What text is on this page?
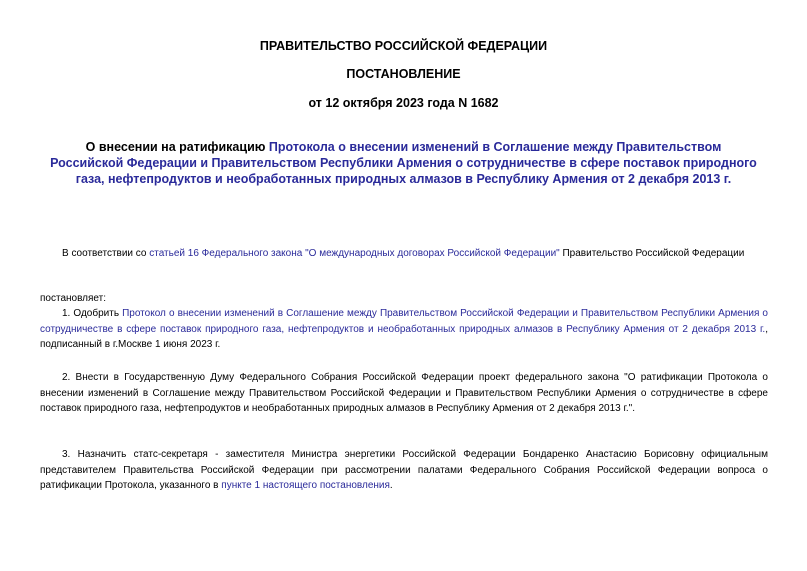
ПРАВИТЕЛЬСТВО РОССИЙСКОЙ ФЕДЕРАЦИИ
ПОСТАНОВЛЕНИЕ
от 12 октября 2023 года N 1682
О внесении на ратификацию Протокола о внесении изменений в Соглашение между Правительством Российской Федерации и Правительством Республики Армения о сотрудничестве в сфере поставок природного газа, нефтепродуктов и необработанных природных алмазов в Республику Армения от 2 декабря 2013 г.
В соответствии со статьей 16 Федерального закона "О международных договорах Российской Федерации" Правительство Российской Федерации
постановляет:
1. Одобрить Протокол о внесении изменений в Соглашение между Правительством Российской Федерации и Правительством Республики Армения о сотрудничестве в сфере поставок природного газа, нефтепродуктов и необработанных природных алмазов в Республику Армения от 2 декабря 2013 г., подписанный в г.Москве 1 июня 2023 г.
2. Внести в Государственную Думу Федерального Собрания Российской Федерации проект федерального закона "О ратификации Протокола о внесении изменений в Соглашение между Правительством Российской Федерации и Правительством Республики Армения о сотрудничестве в сфере поставок природного газа, нефтепродуктов и необработанных природных алмазов в Республику Армения от 2 декабря 2013 г.".
3. Назначить статс-секретаря - заместителя Министра энергетики Российской Федерации Бондаренко Анастасию Борисовну официальным представителем Правительства Российской Федерации при рассмотрении палатами Федерального Собрания Российской Федерации вопроса о ратификации Протокола, указанного в пункте 1 настоящего постановления.
